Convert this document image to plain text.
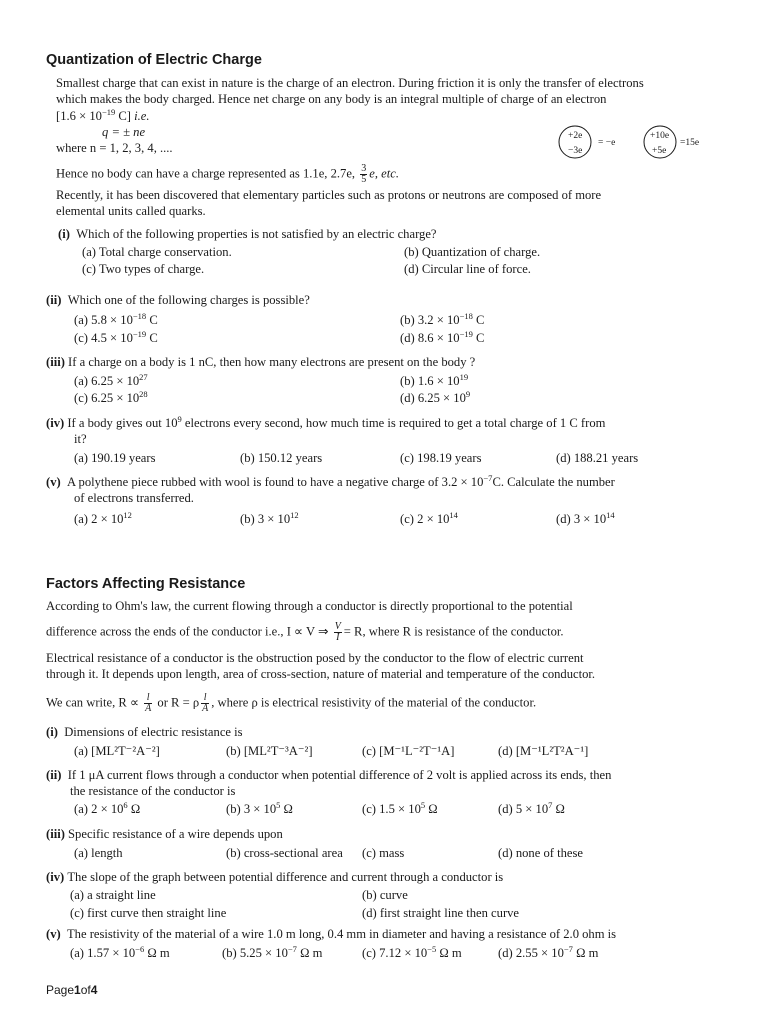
Quantization of Electric Charge
Smallest charge that can exist in nature is the charge of an electron. During friction it is only the transfer of electrons
which makes the body charged. Hence net charge on any body is an integral multiple of charge of an electron
[$1.6 \times 10^{-19}$ C] i.e.
q = ± ne
where n = 1, 2, 3, 4, ....
+2e
−3e
= −e
+10e
+5e
=15e
Hence no body can have a charge represented as 1.1e, 2.7e, $\frac{3}{5} e$, etc.
Recently, it has been discovered that elementary particles such as protons or neutrons are composed of more
elemental units called quarks.
(i) Which of the following properties is not satisfied by an electric charge?
(a) Total charge conservation.	(b) Quantization of charge.
(c) Two types of charge.	(d) Circular line of force.
(ii) Which one of the following charges is possible?
(a) $5.8 \times 10^{-18}$ C	(b) $3.2 \times 10^{-18}$ C
(c) $4.5 \times 10^{-19}$ C	(d) $8.6 \times 10^{-19}$ C
(iii) If a charge on a body is 1 nC, then how many electrons are present on the body ?
(a) $6.25 \times 10^{27}$	(b) $1.6 \times 10^{19}$
(c) $6.25 \times 10^{28}$	(d) $6.25 \times 10^9$
(iv) If a body gives out $10^9$ electrons every second, how much time is required to get a total charge of 1 C from
it?
(a) 190.19 years	(b) 150.12 years	(c) 198.19 years	(d) 188.21 years
(v) A polythene piece rubbed with wool is found to have a negative charge of $3.2 \times 10^{-7}C$. Calculate the number
of electrons transferred.
(a) $2 \times 10^{12}$	(b) $3 \times 10^{12}$	(c) $2 \times 10^{14}$	(d) $3 \times 10^{14}$
Factors Affecting Resistance
According to Ohm's law, the current flowing through a conductor is directly proportional to the potential
difference across the ends of the conductor i.e., I ∝ V ⇒ $\frac{V}{I} = R$, where R is resistance of the conductor.
Electrical resistance of a conductor is the obstruction posed by the conductor to the flow of electric current
through it. It depends upon length, area of cross-section, nature of material and temperature of the conductor.
We can write, $R \propto \frac{l}{A}$ or R = ρ $\frac{l}{A}$ , where ρ is electrical resistivity of the material of the conductor.
(i) Dimensions of electric resistance is
(a) [ML²T⁻²A⁻²]	(b) [ML²T⁻³A⁻²]	(c) [M⁻¹L⁻²T⁻¹A]	(d) [M⁻¹L²T²A⁻¹]
(ii) If 1 μA current flows through a conductor when potential difference of 2 volt is applied across its ends, then
the resistance of the conductor is
(a) $2 \times 10^6$ Ω	(b) $3 \times 10^5$ Ω	(c) $1.5 \times 10^5$ Ω	(d) $5 \times 10^7$ Ω
(iii) Specific resistance of a wire depends upon
(a) length	(b) cross-sectional area (c) mass	(d) none of these
(iv) The slope of the graph between potential difference and current through a conductor is
(a) a straight line	(b) curve
(c) first curve then straight line	(d) first straight line then curve
(v) The resistivity of the material of a wire 1.0 m long, 0.4 mm in diameter and having a resistance of 2.0 ohm is
(a) $1.57 \times 10^{-6}$ Ω m	(b) $5.25 \times 10^{-7}$ Ω m	(c) $7.12 \times 10^{-5}$ Ω m	(d) $2.55 \times 10^{-7}$ Ω m
Page1of4
